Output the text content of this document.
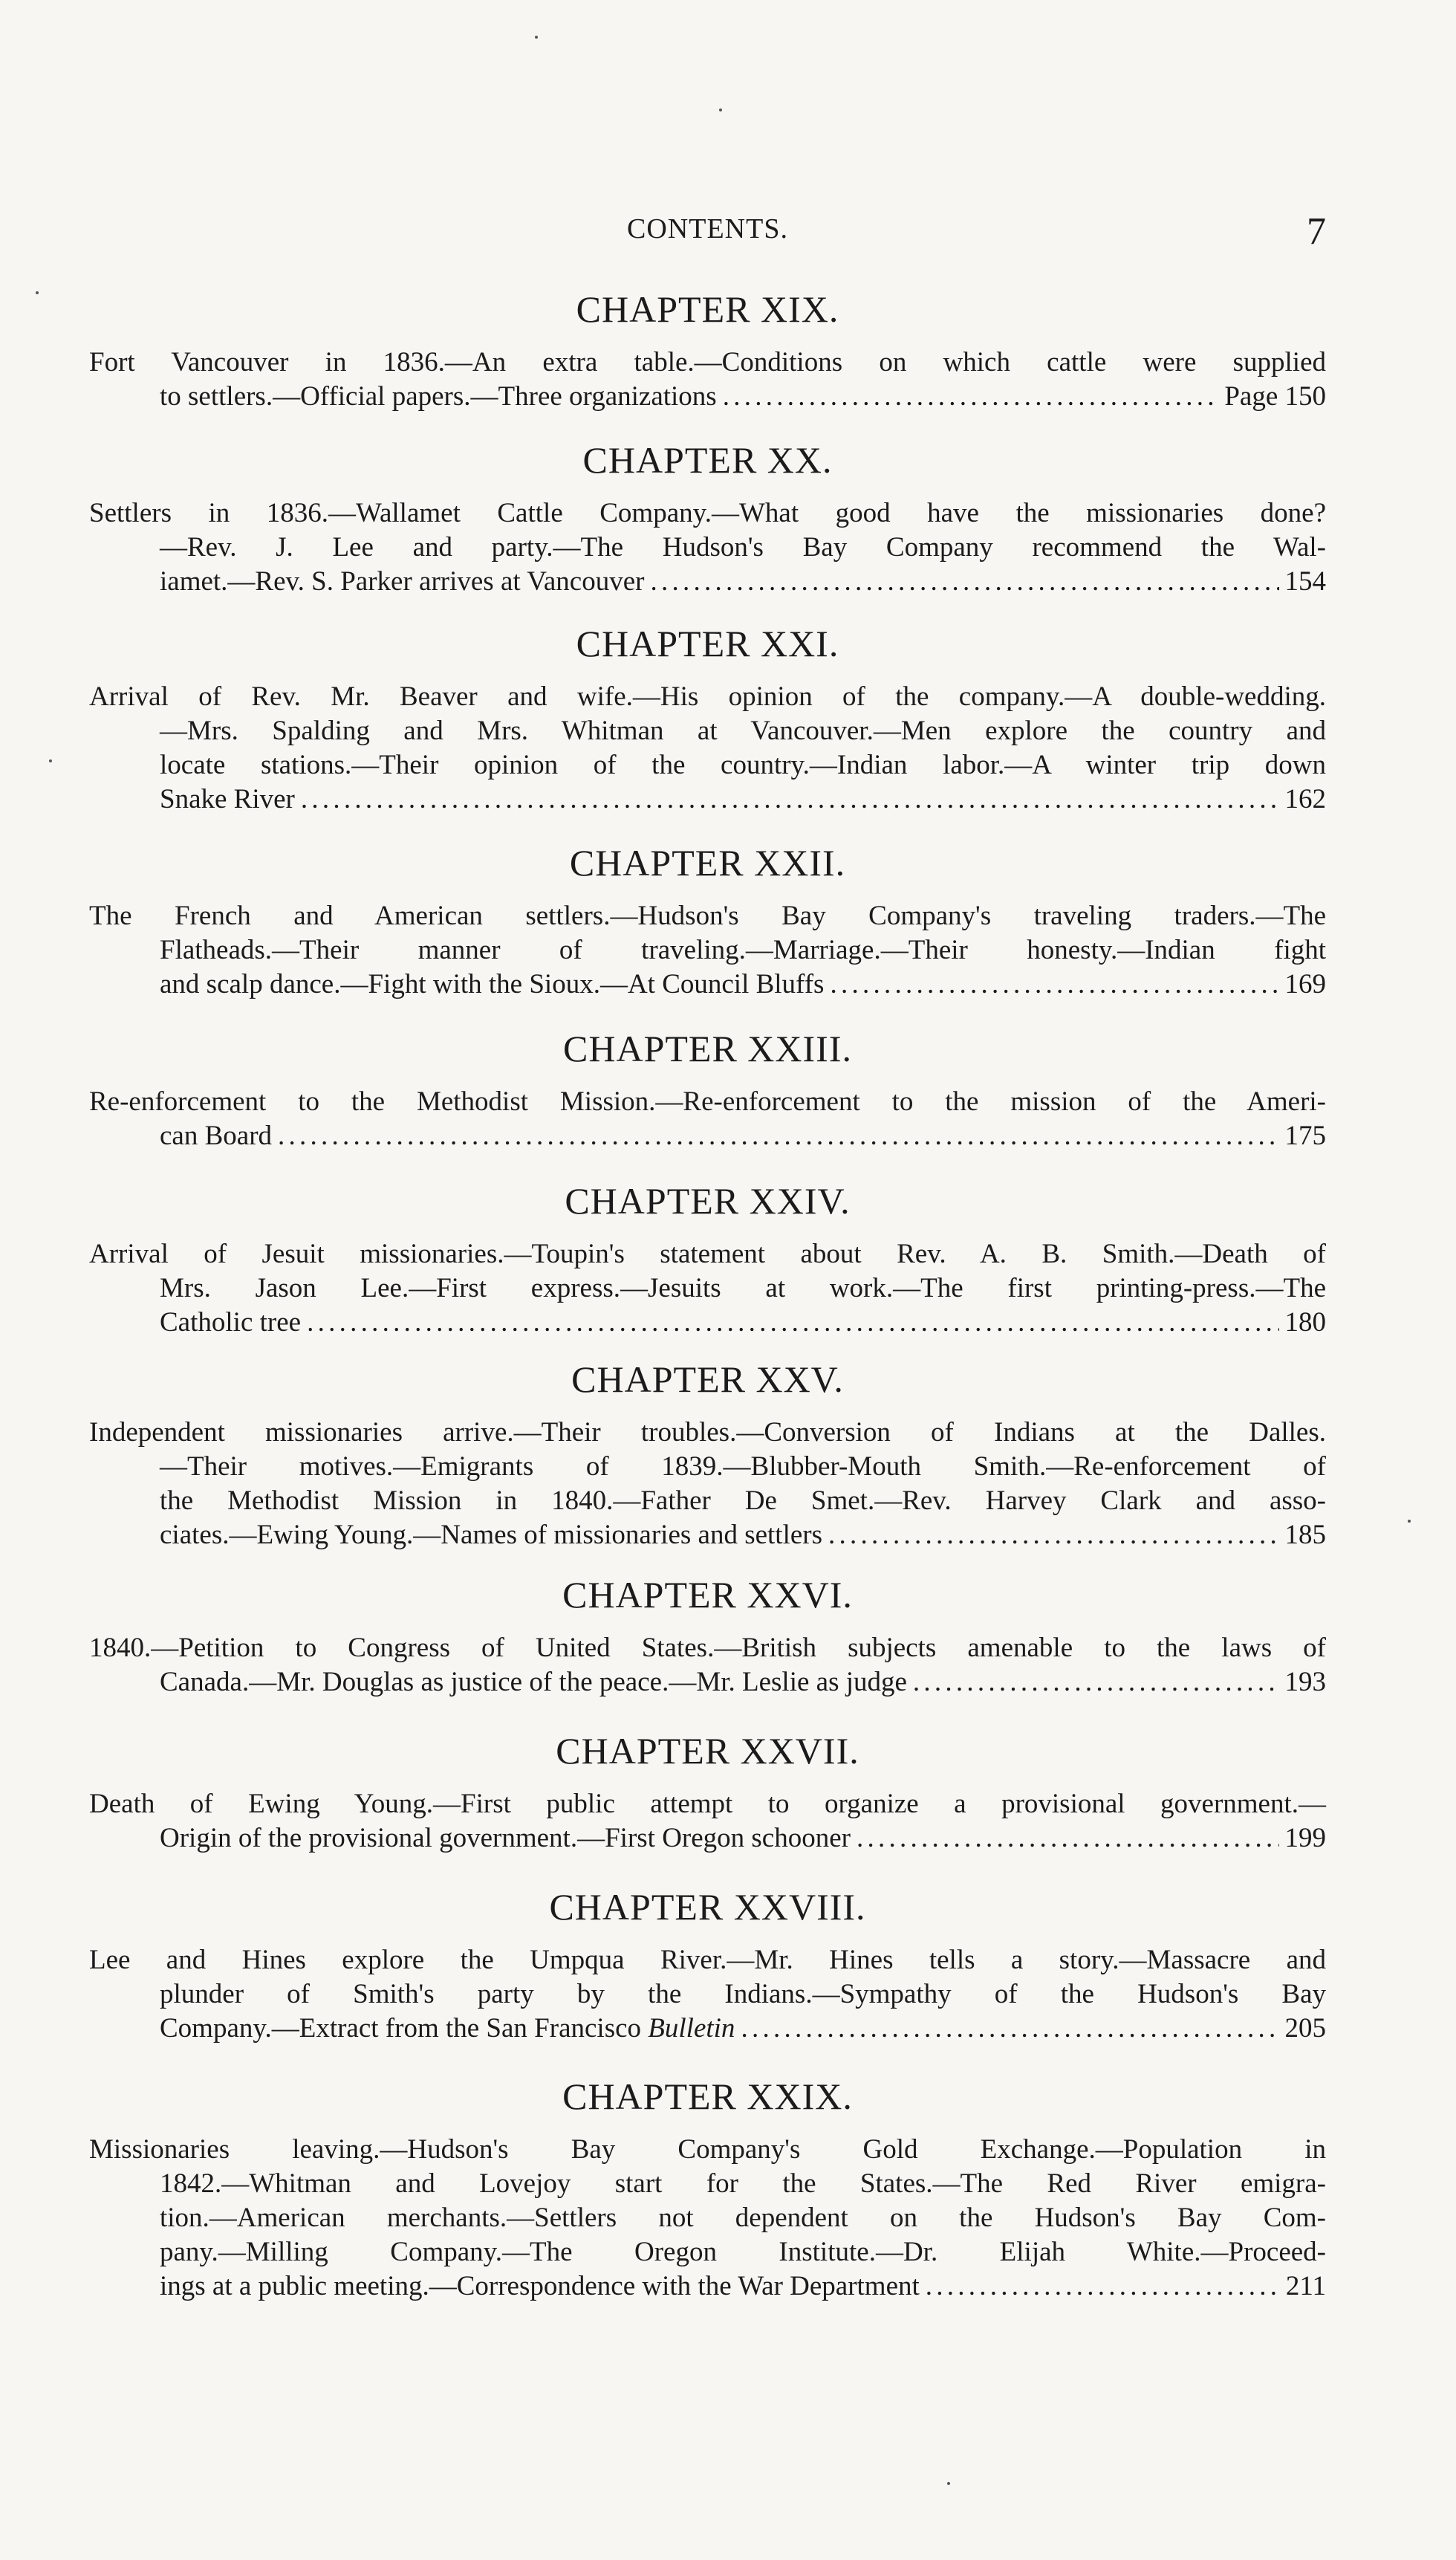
CONTENTS.	7
CHAPTER XIX.
Fort Vancouver in 1836.—An extra table.—Conditions on which cattle were supplied
to settlers.—Official papers.—Three organizations . . .	Page 150
CHAPTER XX.
Settlers in 1836.—Wallamet Cattle Company.—What good have the missionaries done?
—Rev. J. Lee and party.—The Hudson's Bay Company recommend the Wal-
iamet.—Rev. S. Parker arrives at Vancouver . . .	154
CHAPTER XXI.
Arrival of Rev. Mr. Beaver and wife.—His opinion of the company.—A double-wedding.
—Mrs. Spalding and Mrs. Whitman at Vancouver.—Men explore the country and
locate stations.—Their opinion of the country.—Indian labor.—A winter trip down
Snake River . . .	162
CHAPTER XXII.
The French and American settlers.—Hudson's Bay Company's traveling traders.—The
Flatheads.—Their manner of traveling.—Marriage.—Their honesty.—Indian fight
and scalp dance.—Fight with the Sioux.—At Council Bluffs . . .	169
CHAPTER XXIII.
Re-enforcement to the Methodist Mission.—Re-enforcement to the mission of the Ameri-
can Board . . .	175
CHAPTER XXIV.
Arrival of Jesuit missionaries.—Toupin's statement about Rev. A. B. Smith.—Death of
Mrs. Jason Lee.—First express.—Jesuits at work.—The first printing-press.—The
Catholic tree . . .	180
CHAPTER XXV.
Independent missionaries arrive.—Their troubles.—Conversion of Indians at the Dalles.
—Their motives.—Emigrants of 1839.—Blubber-Mouth Smith.—Re-enforcement of
the Methodist Mission in 1840.—Father De Smet.—Rev. Harvey Clark and asso-
ciates.—Ewing Young.—Names of missionaries and settlers . . .	185
CHAPTER XXVI.
1840.—Petition to Congress of United States.—British subjects amenable to the laws of
Canada.—Mr. Douglas as justice of the peace.—Mr. Leslie as judge . . .	193
CHAPTER XXVII.
Death of Ewing Young.—First public attempt to organize a provisional government.—
Origin of the provisional government.—First Oregon schooner . . .	199
CHAPTER XXVIII.
Lee and Hines explore the Umpqua River.—Mr. Hines tells a story.—Massacre and
plunder of Smith's party by the Indians.—Sympathy of the Hudson's Bay
Company.—Extract from the San Francisco Bulletin . . .	205
CHAPTER XXIX.
Missionaries leaving.—Hudson's Bay Company's Gold Exchange.—Population in
1842.—Whitman and Lovejoy start for the States.—The Red River emigra-
tion.—American merchants.—Settlers not dependent on the Hudson's Bay Com-
pany.—Milling Company.—The Oregon Institute.—Dr. Elijah White.—Proceed-
ings at a public meeting.—Correspondence with the War Department . . .	211
